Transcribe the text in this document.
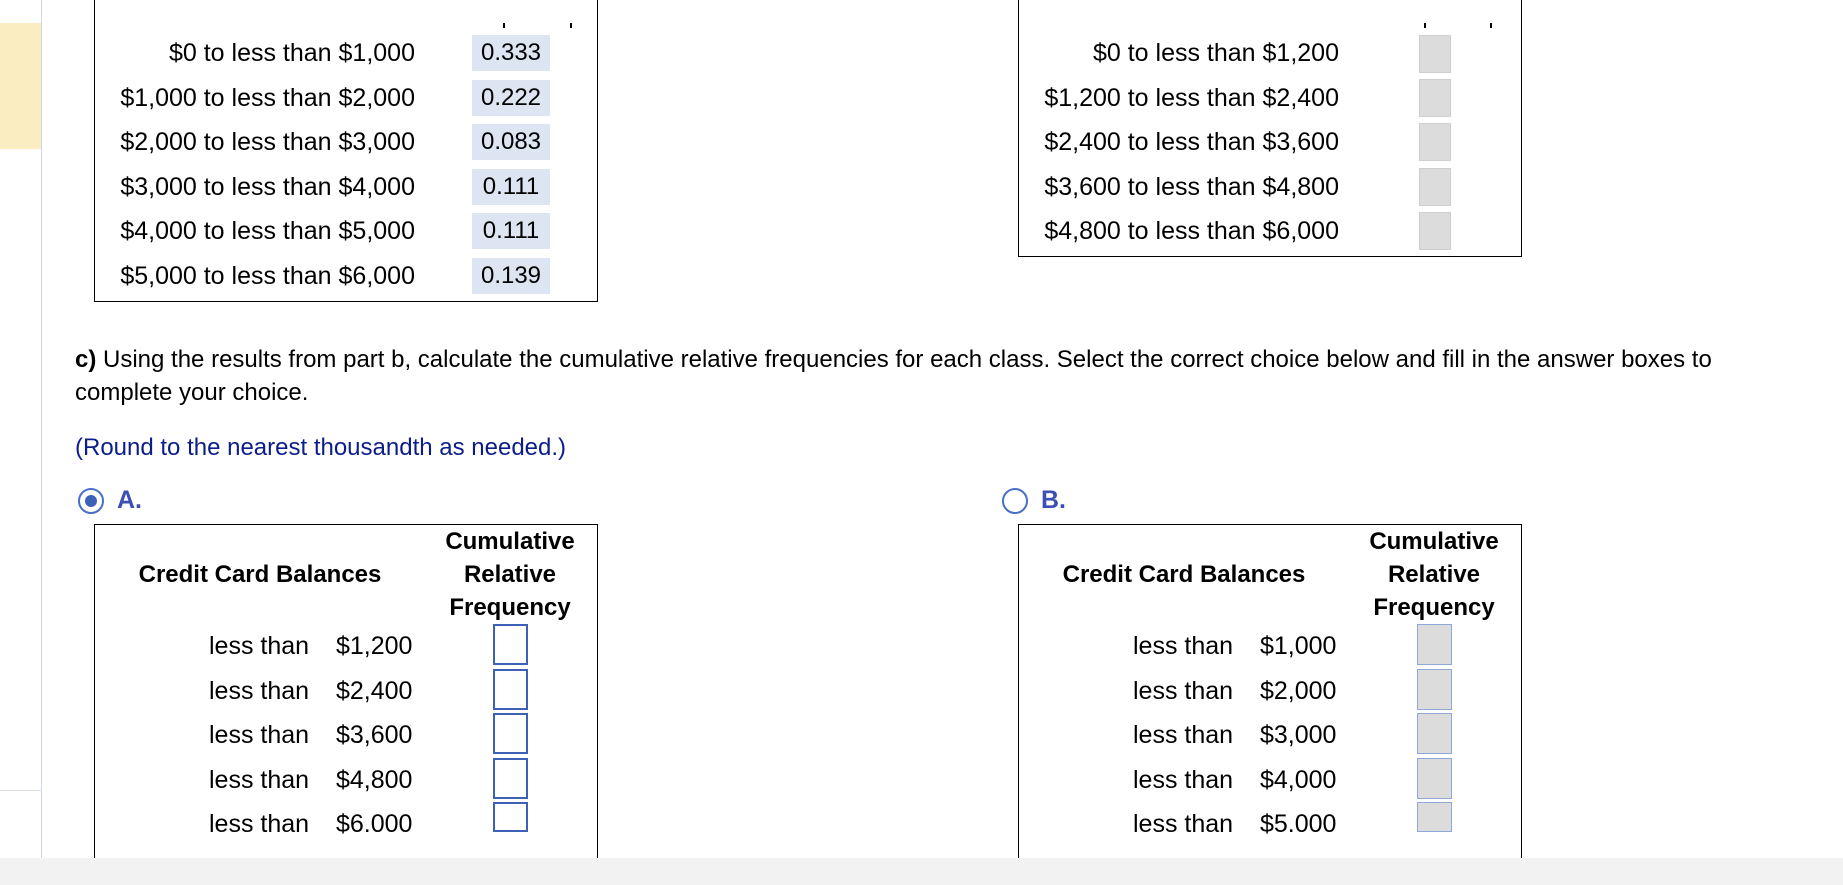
$0 to less than $1,000	0.333
$1,000 to less than $2,000	0.222
$2,000 to less than $3,000	0.083
$3,000 to less than $4,000	0.111
$4,000 to less than $5,000	0.111
$5,000 to less than $6,000	0.139
$0 to less than $1,200
$1,200 to less than $2,400
$2,400 to less than $3,600
$3,600 to less than $4,800
$4,800 to less than $6,000
c) Using the results from part b, calculate the cumulative relative frequencies for each class. Select the correct choice below and fill in the answer boxes to
complete your choice.
(Round to the nearest thousandth as needed.)
A.
Credit Card Balances
Cumulative
Relative
Frequency
less than $1,200
less than $2,400
less than $3,600
less than $4,800
less than $6.000
B.
Credit Card Balances
Cumulative
Relative
Frequency
less than $1,000
less than $2,000
less than $3,000
less than $4,000
less than $5.000
